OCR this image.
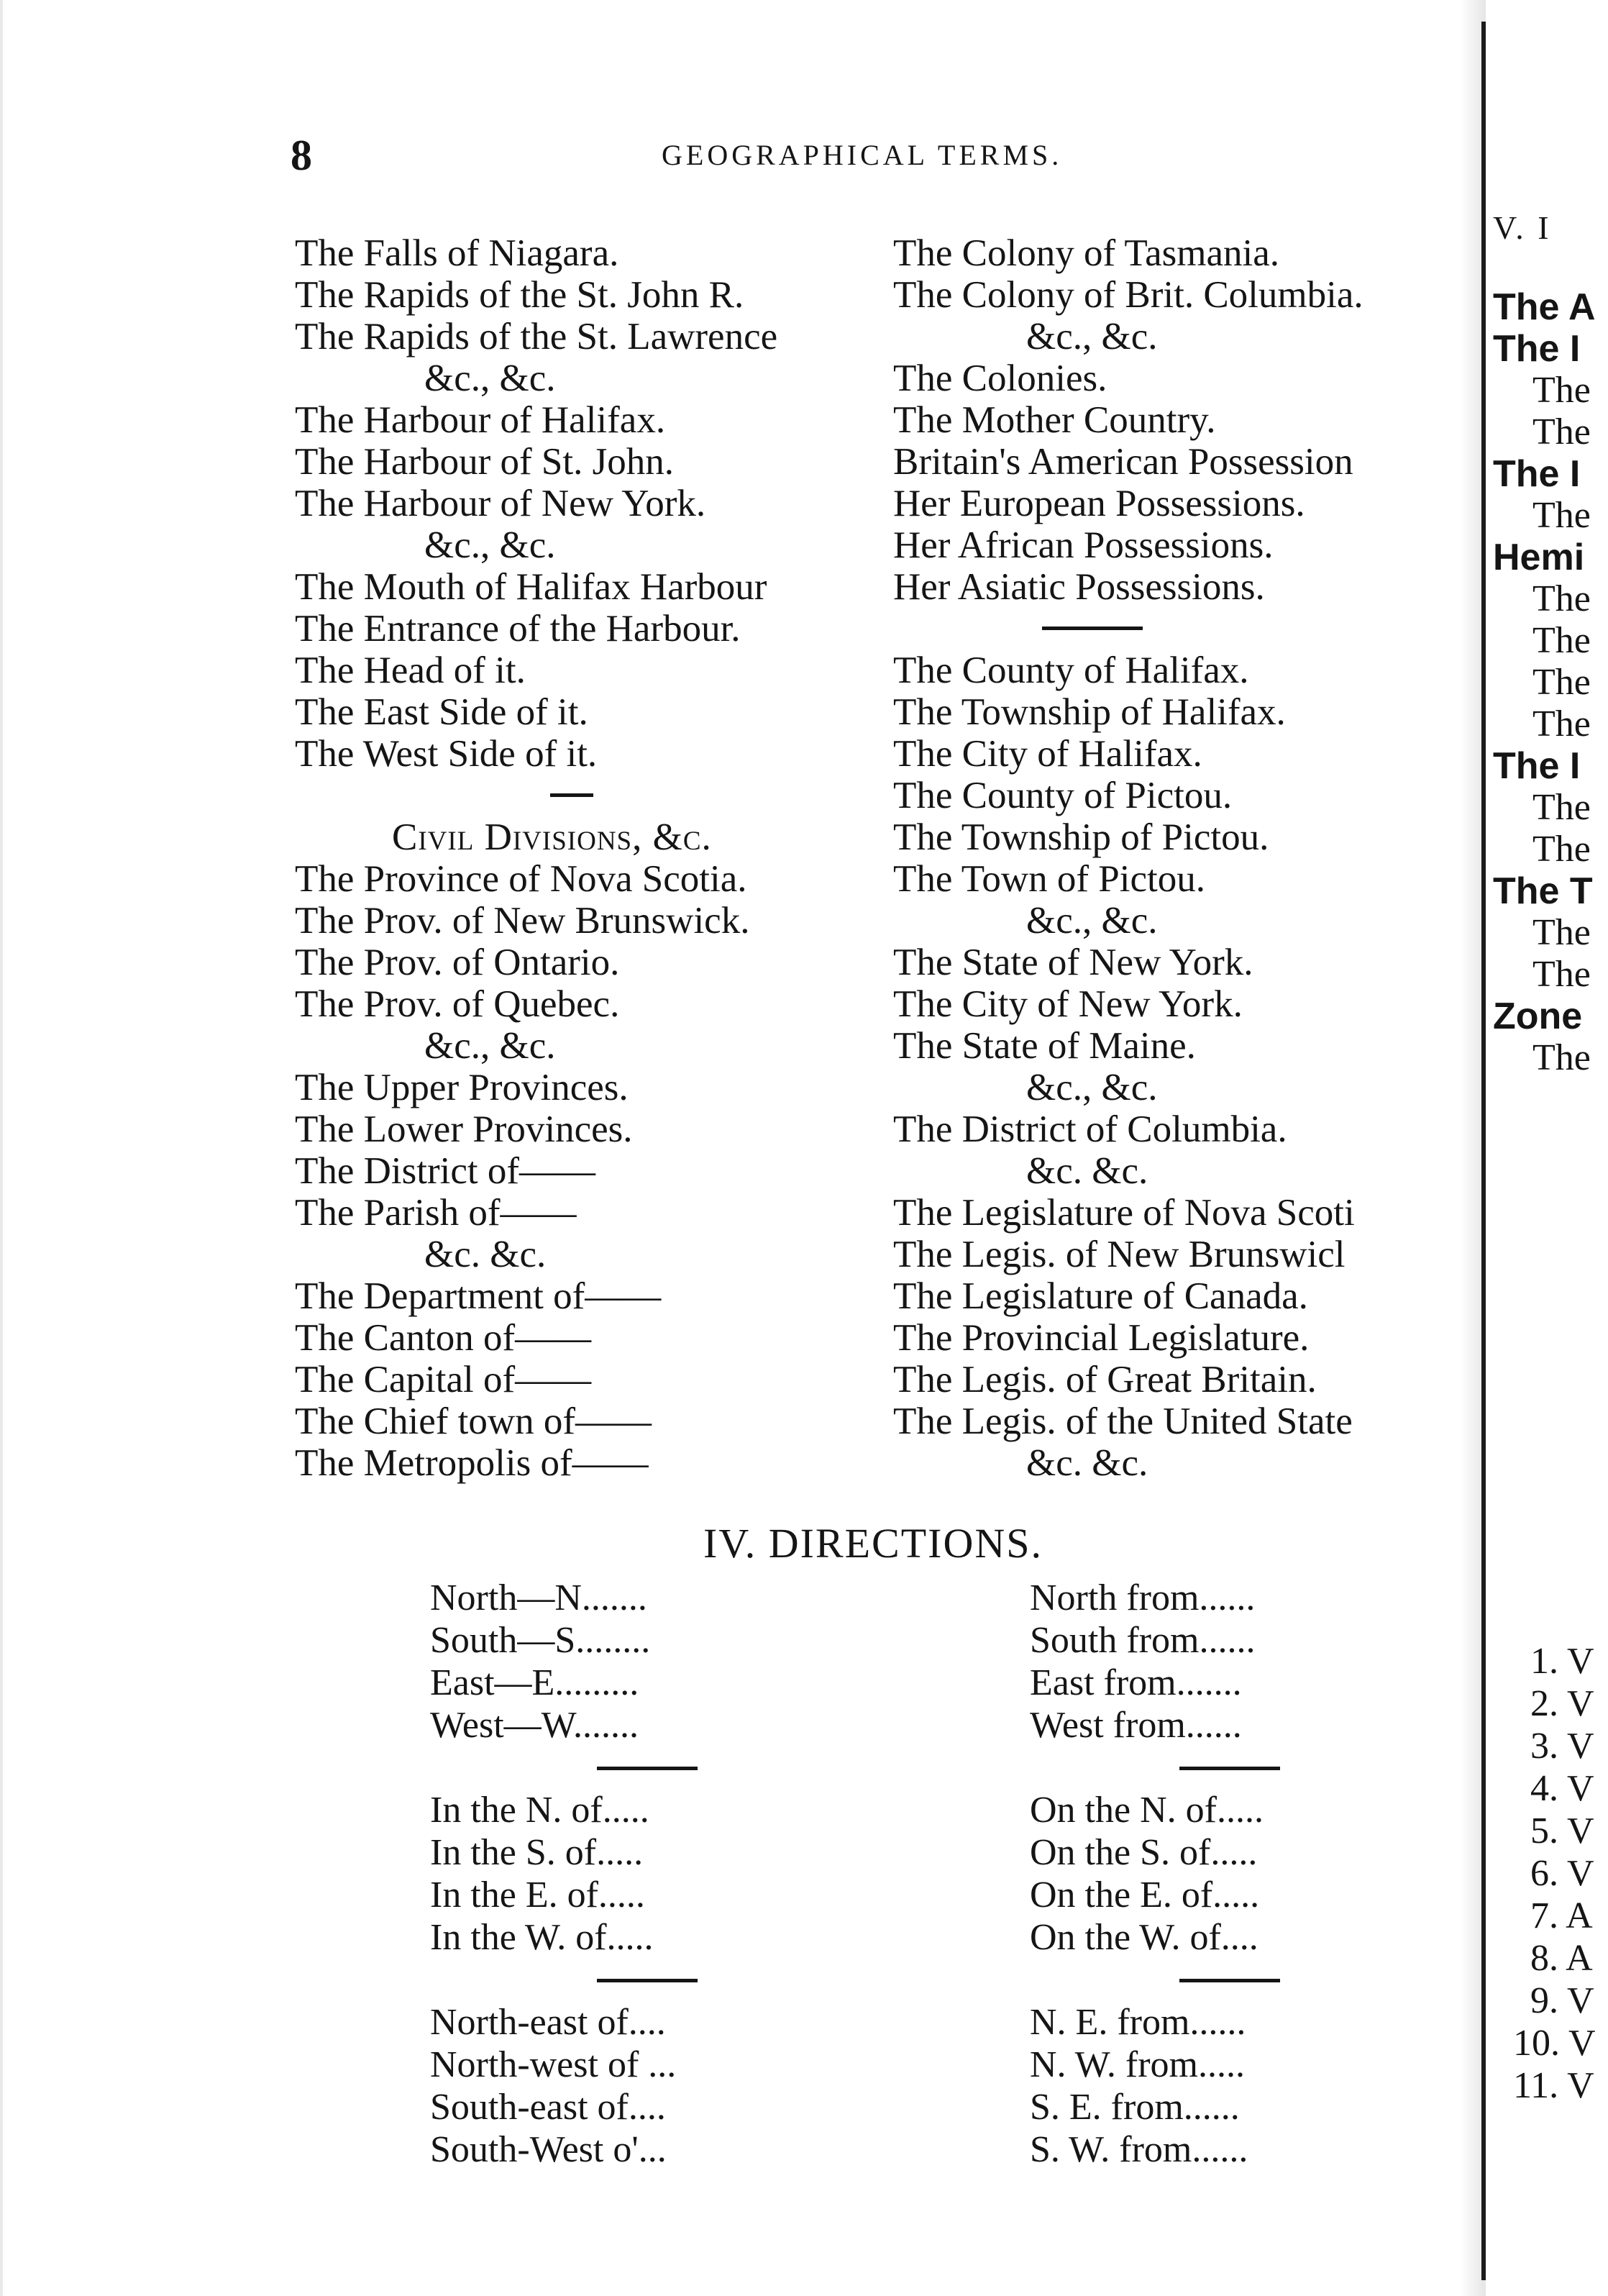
8	GEOGRAPHICAL TERMS.
The Falls of Niagara.
The Rapids of the St. John R.
The Rapids of the St. Lawrence
&c., &c.
The Harbour of Halifax.
The Harbour of St. John.
The Harbour of New York.
&c., &c.
The Mouth of Halifax Harbour
The Entrance of the Harbour.
The Head of it.
The East Side of it.
The West Side of it.
Civil Divisions, &c.
The Province of Nova Scotia.
The Prov. of New Brunswick.
The Prov. of Ontario.
The Prov. of Quebec.
&c., &c.
The Upper Provinces.
The Lower Provinces.
The District of——
The Parish of——
&c. &c.
The Department of——
The Canton of——
The Capital of——
The Chief town of——
The Metropolis of——
The Colony of Tasmania.
The Colony of Brit. Columbia.
&c., &c.
The Colonies.
The Mother Country.
Britain's American Possession
Her European Possessions.
Her African Possessions.
Her Asiatic Possessions.
The County of Halifax.
The Township of Halifax.
The City of Halifax.
The County of Pictou.
The Township of Pictou.
The Town of Pictou.
&c., &c.
The State of New York.
The City of New York.
The State of Maine.
&c., &c.
The District of Columbia.
&c. &c.
The Legislature of Nova Scoti
The Legis. of New Brunswicl
The Legislature of Canada.
The Provincial Legislature.
The Legis. of Great Britain.
The Legis. of the United State
&c. &c.
IV. DIRECTIONS.
North—N.......
South—S........
East—E.........
West—W.......
In the N. of.....
In the S. of.....
In the E. of.....
In the W. of.....
North-east of....
North-west of ...
South-east of....
South-West o'...
North from......
South from......
East from.......
West from......
On the N. of.....
On the S. of.....
On the E. of.....
On the W. of....
N. E. from......
N. W. from.....
S. E. from......
S. W. from......
V. I
The A
The I
The
The
The I
The
Hemi
The
The
The
The
The I
The
The
The T
The
The
Zone
The
1. V
2. V
3. V
4. V
5. V
6. V
7. A
8. A
9. V
10. V
11. V
